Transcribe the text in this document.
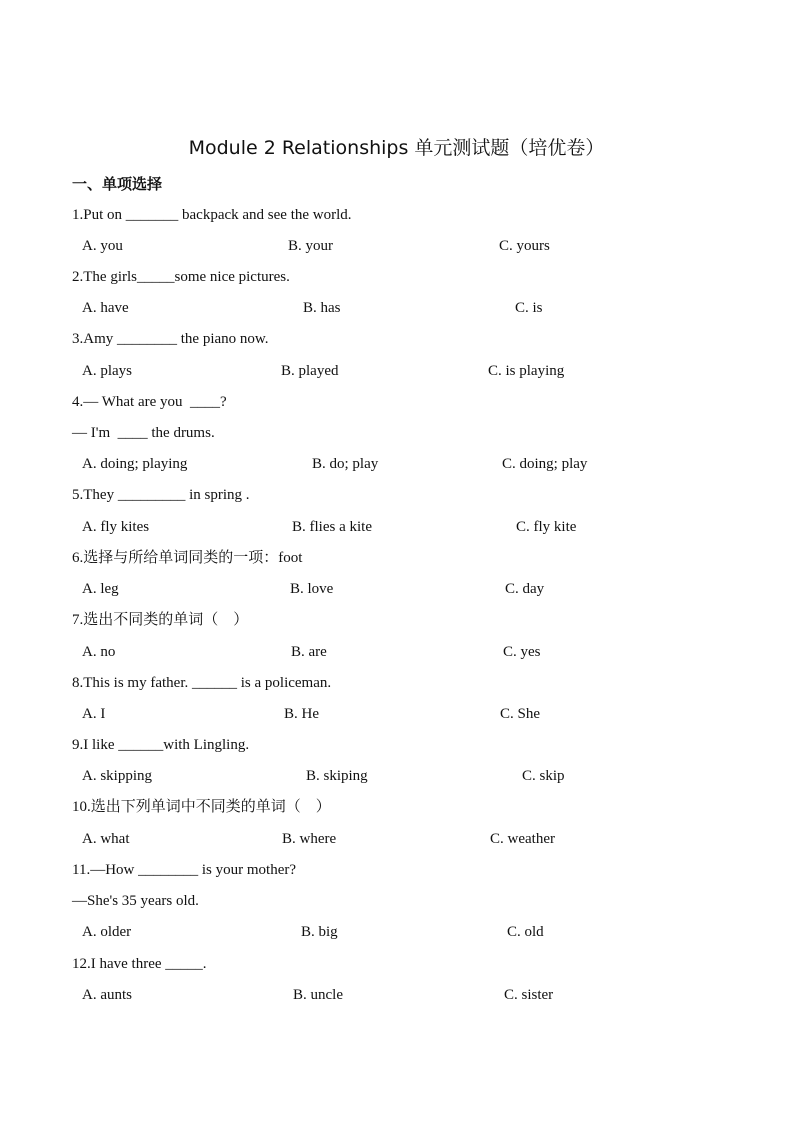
Module 2 Relationships 单元测试题（培优卷）
一、单项选择
1.Put on _______ backpack and see the world.
A. you	B. your	C. yours
2.The girls_____some nice pictures.
A. have	B. has	C. is
3.Amy ________ the piano now.
A. plays	B. played	C. is playing
4.— What are you  ____?
— I'm  ____ the drums.
A. doing; playing	B. do; play	C. doing; play
5.They _________ in spring .
A. fly kites	B. flies a kite	C. fly kite
6.选择与所给单词同类的一项：foot
A. leg	B. love	C. day
7.选出不同类的单词（    ）
A. no	B. are	C. yes
8.This is my father. ______ is a policeman.
A. I	B. He	C. She
9.I like ______with Lingling.
A. skipping	B. skiping	C. skip
10.选出下列单词中不同类的单词（    ）
A. what	B. where	C. weather
11.—How ________ is your mother?
—She's 35 years old.
A. older	B. big	C. old
12.I have three _____.
A. aunts	B. uncle	C. sister
